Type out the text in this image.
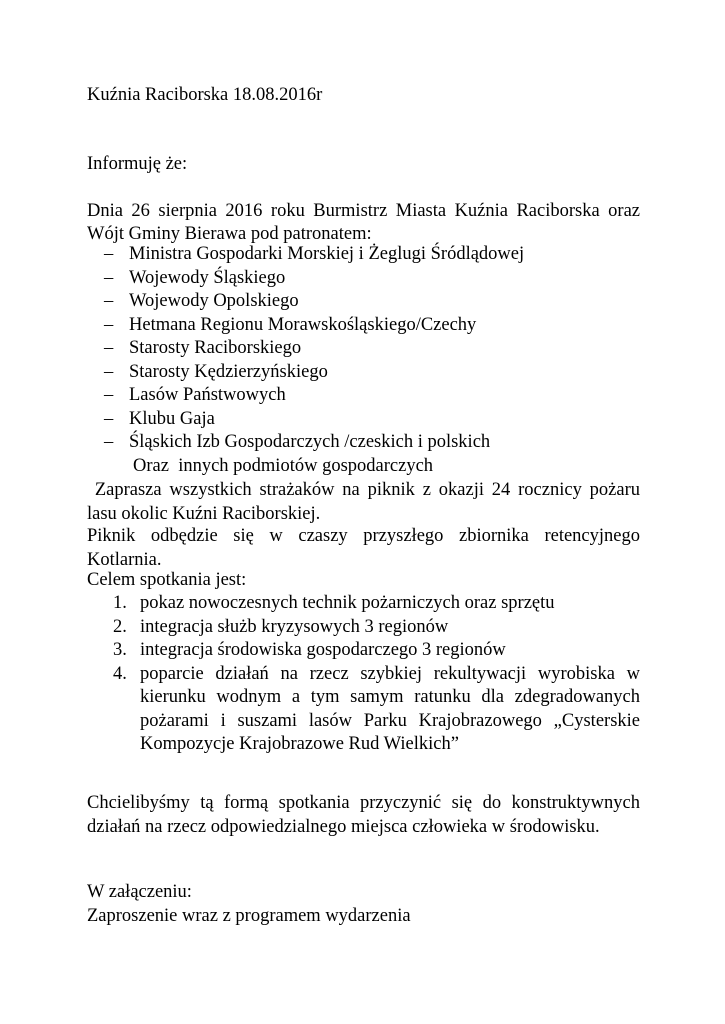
Kuźnia Raciborska 18.08.2016r

Informuję że:

Dnia 26 sierpnia 2016 roku Burmistrz Miasta Kuźnia Raciborska oraz

Wójt Gminy Bierawa pod patronatem:

– Ministra Gospodarki Morskiej i Żeglugi Śródlądowej
– Wojewody Śląskiego
– Wojewody Opolskiego
– Hetmana Regionu Morawskośląskiego/Czechy
– Starosty Raciborskiego
– Starosty Kędzierzyńskiego
– Lasów Państwowych
– Klubu Gaja
– Śląskich Izb Gospodarczych /czeskich i polskich

Oraz  innych podmiotów gospodarczych

Zaprasza wszystkich strażaków na piknik z okazji 24 rocznicy pożaru lasu okolic Kuźni Raciborskiej.

Piknik odbędzie się w czaszy przyszłego zbiornika retencyjnego Kotlarnia.

Celem spotkania jest:

1. pokaz nowoczesnych technik pożarniczych oraz sprzętu
2. integracja służb kryzysowych 3 regionów
3. integracja środowiska gospodarczego 3 regionów
4. poparcie działań na rzecz szybkiej rekultywacji wyrobiska w kierunku wodnym a tym samym ratunku dla zdegradowanych pożarami i suszami lasów Parku Krajobrazowego „Cysterskie Kompozycje Krajobrazowe Rud Wielkich”

Chcielibyśmy tą formą spotkania przyczynić się do konstruktywnych działań na rzecz odpowiedzialnego miejsca człowieka w środowisku.

W załączeniu:

Zaproszenie wraz z programem wydarzenia
